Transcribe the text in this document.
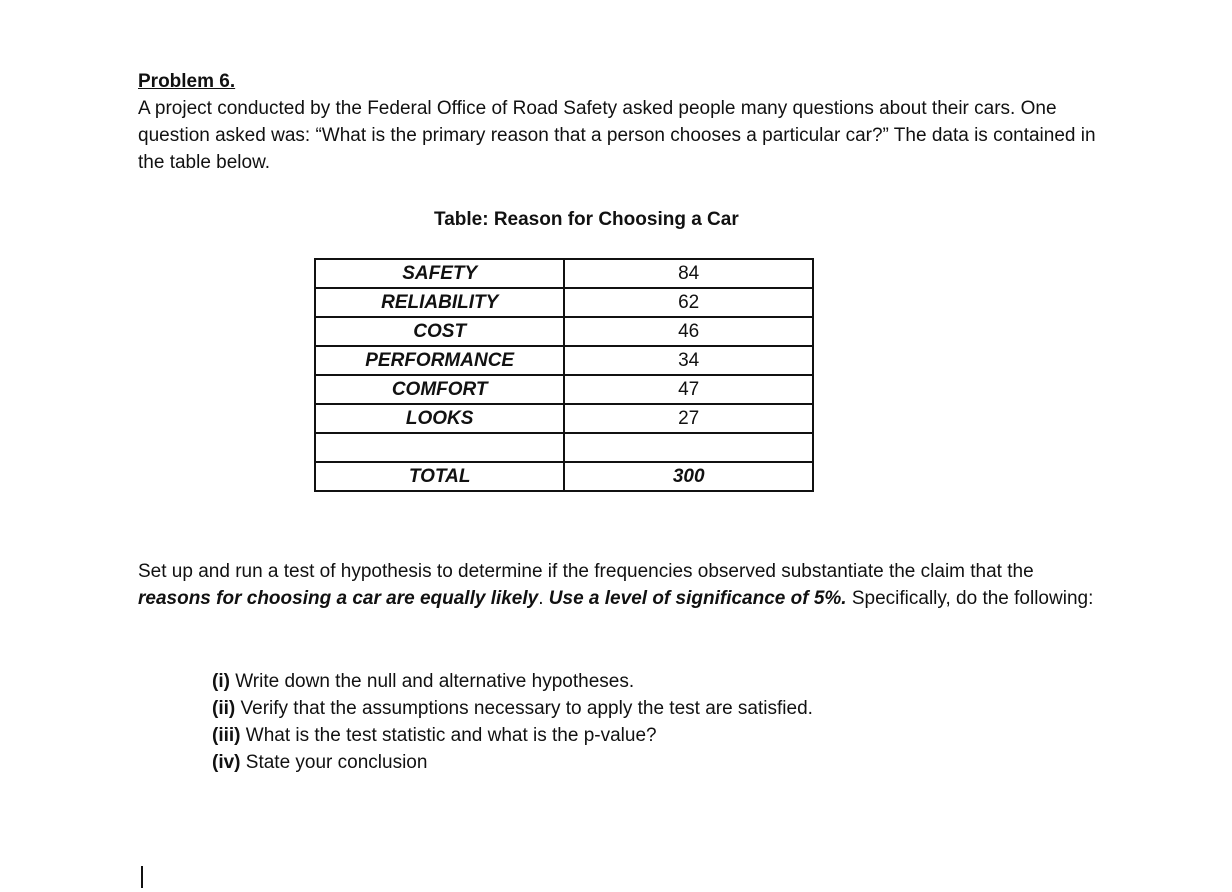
Problem 6.

A project conducted by the Federal Office of Road Safety asked people many questions about their cars. One question asked was: “What is the primary reason that a person chooses a particular car?” The data is contained in the table below.

Table: Reason for Choosing a Car
SAFETY	84
RELIABILITY	62
COST	46
PERFORMANCE	34
COMFORT	47
LOOKS	27

TOTAL	300

Set up and run a test of hypothesis to determine if the frequencies observed substantiate the claim that the reasons for choosing a car are equally likely. Use a level of significance of 5%. Specifically, do the following:

(i) Write down the null and alternative hypotheses.
(ii) Verify that the assumptions necessary to apply the test are satisfied.
(iii) What is the test statistic and what is the p-value?
(iv) State your conclusion
